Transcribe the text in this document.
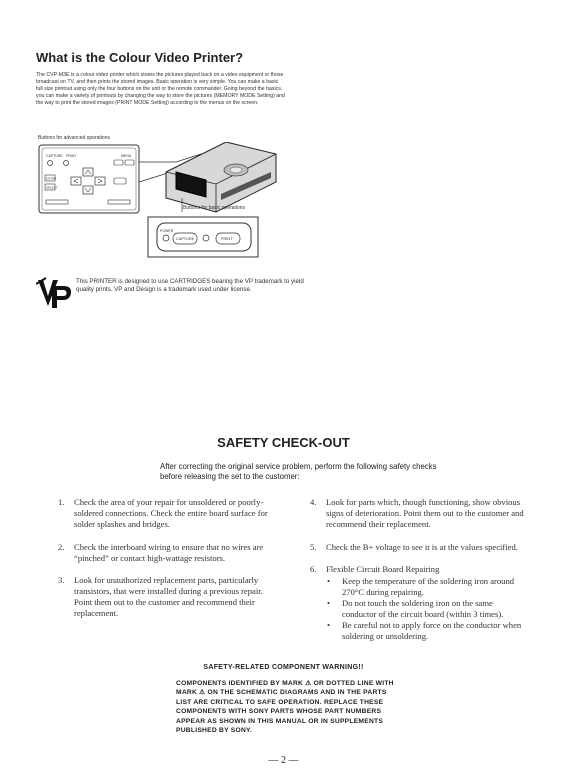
What is the Colour Video Printer?
The CVP-M3E is a colour video printer which stores the pictures played back on a video equipment or those broadcast on TV, and then prints the stored images. Basic operation is very simple. You can make a basic full size printout using only the four buttons on the unit or the remote commander. Going beyond the basics, you can make a variety of printouts by changing the way to store the pictures (MEMORY MODE Setting) and the way to print the stored images (PRINT MODE Setting) according to the menus on the screen.
Buttons for advanced operations
CAPTURE PRINT	MENU
ENTER
SELECT
POWER
CAPTURE	PRINT
Buttons for basic operations
This PRINTER is designed to use CARTRIDGES bearing the VP trademark to yield quality prints. VP and Design is a trademark used under license.
SAFETY CHECK-OUT
After correcting the original service problem, perform the following safety checks before releasing the set to the customer:
1. Check the area of your repair for unsoldered or poorly-soldered connections. Check the entire board surface for solder splashes and bridges.
2. Check the interboard wiring to ensure that no wires are “pinched” or contact high-wattage resistors.
3. Look for unauthorized replacement parts, particularly transistors, that were installed during a previous repair. Point them out to the customer and recommend their replacement.
4. Look for parts which, though functioning, show obvious signs of deterioration. Point them out to the customer and recommend their replacement.
5. Check the B+ voltage to see it is at the values specified.
6. Flexible Circuit Board Repairing
• Keep the temperature of the soldering iron around 270°C during repairing.
• Do not touch the soldering iron on the same conductor of the circuit board (within 3 times).
• Be careful not to apply force on the conductor when soldering or unsoldering.
SAFETY-RELATED COMPONENT WARNING!!
COMPONENTS IDENTIFIED BY MARK ⚠ OR DOTTED LINE WITH MARK ⚠ ON THE SCHEMATIC DIAGRAMS AND IN THE PARTS LIST ARE CRITICAL TO SAFE OPERATION. REPLACE THESE COMPONENTS WITH SONY PARTS WHOSE PART NUMBERS APPEAR AS SHOWN IN THIS MANUAL OR IN SUPPLEMENTS PUBLISHED BY SONY.
— 2 —
